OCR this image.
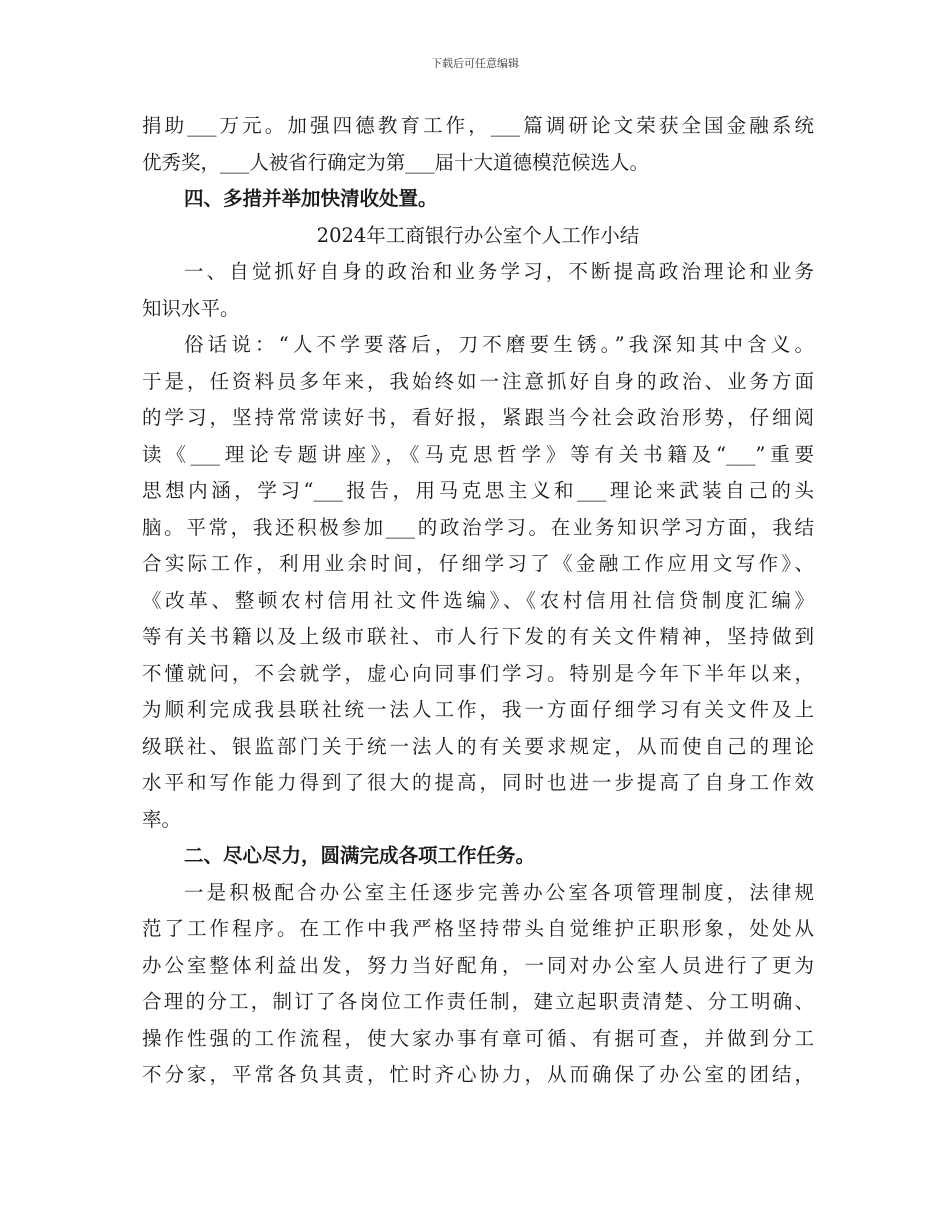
下载后可任意编辑
捐助___万元。加强四德教育工作，___篇调研论文荣获全国金融系统
优秀奖，___人被省行确定为第___届十大道德模范候选人。
四、多措并举加快清收处置。
2024年工商银行办公室个人工作小结
一、自觉抓好自身的政治和业务学习，不断提高政治理论和业务
知识水平。
俗话说：“人不学要落后，刀不磨要生锈。”我深知其中含义。
于是，任资料员多年来，我始终如一注意抓好自身的政治、业务方面
的学习，坚持常常读好书，看好报，紧跟当今社会政治形势，仔细阅
读《___理论专题讲座》，《马克思哲学》等有关书籍及“___”重要
思想内涵，学习“___报告，用马克思主义和___理论来武装自己的头
脑。平常，我还积极参加___的政治学习。在业务知识学习方面，我结
合实际工作，利用业余时间，仔细学习了《金融工作应用文写作》、
《改革、整顿农村信用社文件选编》、《农村信用社信贷制度汇编》
等有关书籍以及上级市联社、市人行下发的有关文件精神，坚持做到
不懂就问，不会就学，虚心向同事们学习。特别是今年下半年以来，
为顺利完成我县联社统一法人工作，我一方面仔细学习有关文件及上
级联社、银监部门关于统一法人的有关要求规定，从而使自己的理论
水平和写作能力得到了很大的提高，同时也进一步提高了自身工作效
率。
二、尽心尽力，圆满完成各项工作任务。
一是积极配合办公室主任逐步完善办公室各项管理制度，法律规
范了工作程序。在工作中我严格坚持带头自觉维护正职形象，处处从
办公室整体利益出发，努力当好配角，一同对办公室人员进行了更为
合理的分工，制订了各岗位工作责任制，建立起职责清楚、分工明确、
操作性强的工作流程，使大家办事有章可循、有据可查，并做到分工
不分家，平常各负其责，忙时齐心协力，从而确保了办公室的团结，
